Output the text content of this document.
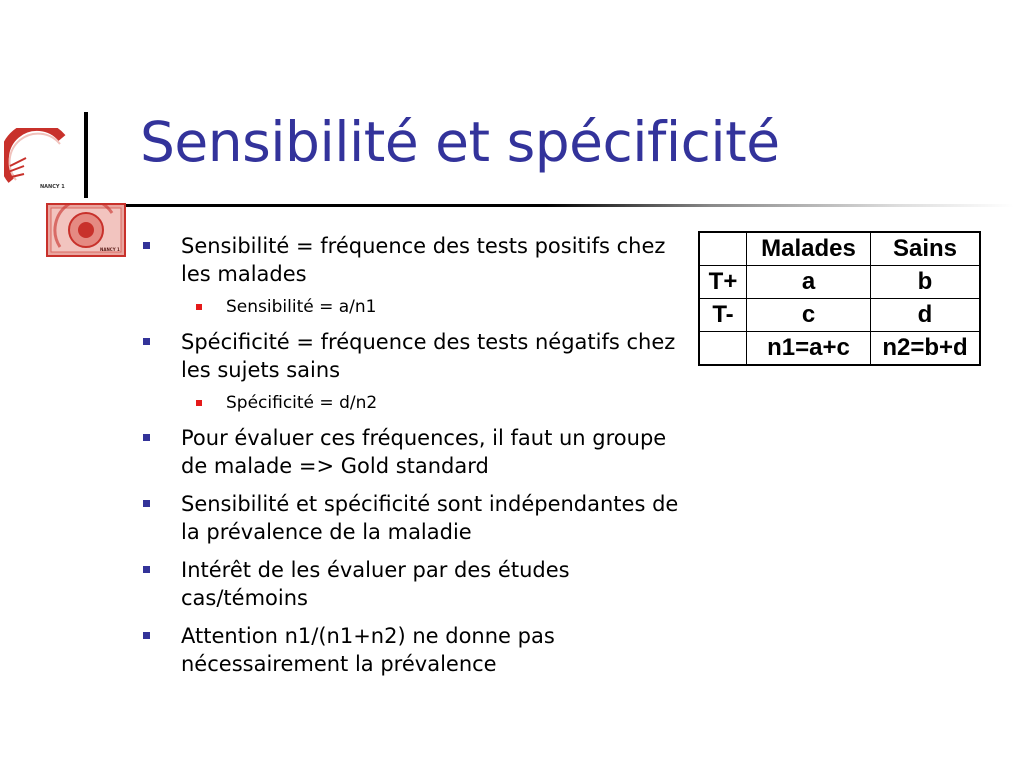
NANCY 1
NANCY 1
Sensibilité et spécificité
Sensibilité = fréquence des tests positifs chez les malades
Sensibilité = a/n1
Spécificité = fréquence des tests négatifs chez les sujets sains
Spécificité = d/n2
Pour évaluer ces fréquences, il faut un groupe de malade => Gold standard
Sensibilité et spécificité sont indépendantes de la prévalence de la maladie
Intérêt de les évaluer par des études cas/témoins
Attention n1/(n1+n2) ne donne pas nécessairement la prévalence
	Malades	Sains
T+	a	b
T-	c	d
	n1=a+c	n2=b+d
